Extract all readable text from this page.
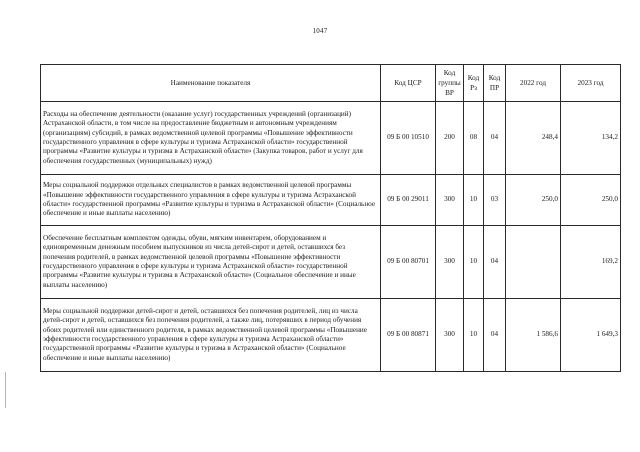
1047
Наименование показателя	Код ЦСР	Код группы ВР	Код Рз	Код ПР	2022 год	2023 год
Расходы на обеспечение деятельности (оказание услуг) государственных учреждений (организаций) Астраханской области, в том числе на предоставление бюджетным и автономным учреждениям (организациям) субсидий, в рамках ведомственной целевой программы «Повышение эффективности государственного управления в сфере культуры и туризма Астраханской области» государственной программы «Развитие культуры и туризма в Астраханской области» (Закупка товаров, работ и услуг для обеспечения государственных (муниципальных) нужд)	09 Б 00 10510	200	08	04	248,4	134,2
Меры социальной поддержки отдельных специалистов в рамках ведомственной целевой программы «Повышение эффективности государственного управления в сфере культуры и туризма Астраханской области» государственной программы «Развитие культуры и туризма в Астраханской области» (Социальное обеспечение и иные выплаты населению)	09 Б 00 29011	300	10	03	250,0	250,0
Обеспечение бесплатным комплектом одежды, обуви, мягким инвентарем, оборудованием и единовременным денежным пособием выпускников из числа детей-сирот и детей, оставшихся без попечения родителей, в рамках ведомственной целевой программы «Повышение эффективности государственного управления в сфере культуры и туризма Астраханской области» государственной программы «Развитие культуры и туризма в Астраханской области» (Социальное обеспечение и иные выплаты населению)	09 Б 00 80701	300	10	04		169,2
Меры социальной поддержки детей-сирот и детей, оставшихся без попечения родителей, лиц из числа детей-сирот и детей, оставшихся без попечения родителей, а также лиц, потерявших в период обучения обоих родителей или единственного родителя, в рамках ведомственной целевой программы «Повышение эффективности государственного управления в сфере культуры и туризма Астраханской области» государственной программы «Развитие культуры и туризма в Астраханской области» (Социальное обеспечение и иные выплаты населению)	09 Б 00 80871	300	10	04	1 586,6	1 649,3
